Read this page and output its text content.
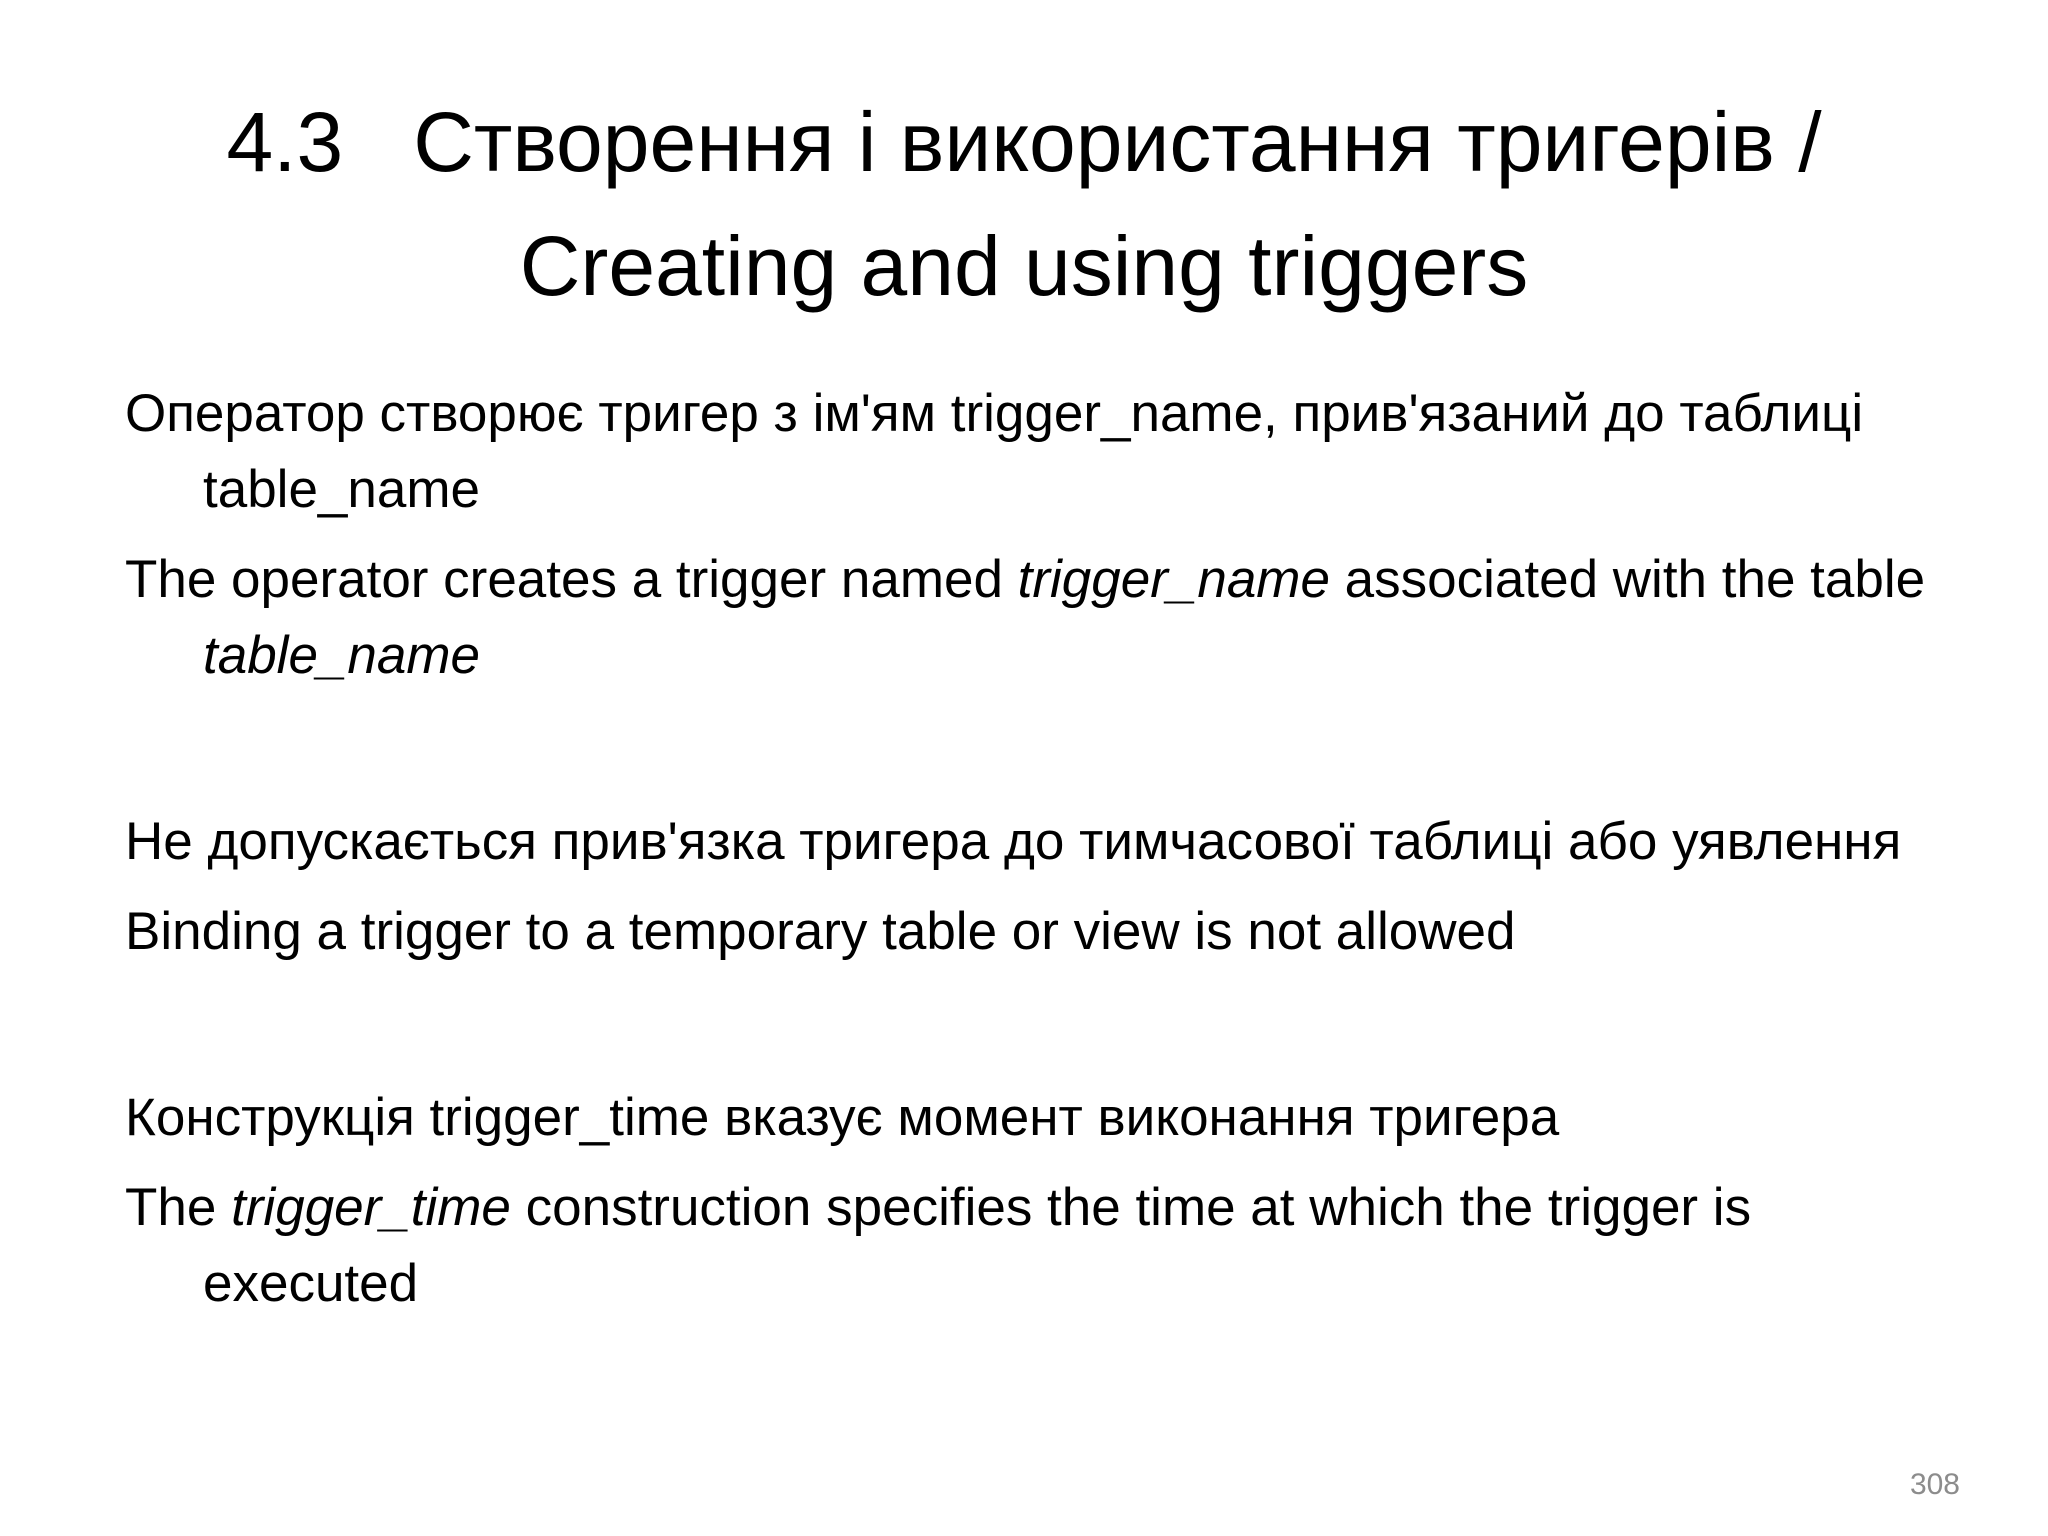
4.3 Створення і використання тригерів /
Creating and using triggers

Оператор створює тригер з ім'ям trigger_name, прив'язаний до таблиці table_name

The operator creates a trigger named trigger_name associated with the table table_name

Не допускається прив'язка тригера до тимчасової таблиці або уявлення

Binding a trigger to a temporary table or view is not allowed

Конструкція trigger_time вказує момент виконання тригера

The trigger_time construction specifies the time at which the trigger is executed

308
